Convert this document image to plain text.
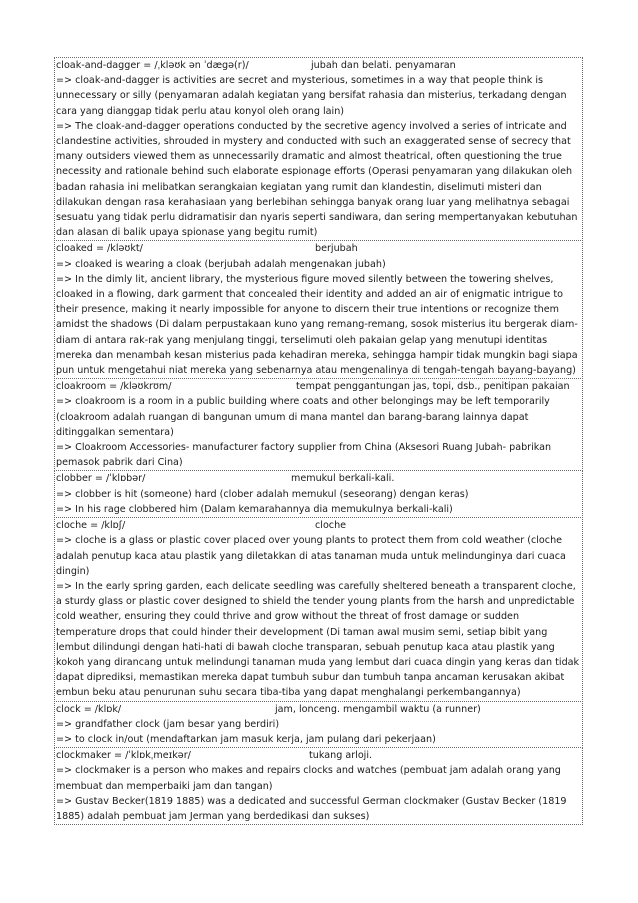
cloak-and-dagger = /ˌkləʊk ən ˈdægə(r)/	jubah dan belati. penyamaran
=> cloak-and-dagger is activities are secret and mysterious, sometimes in a way that people think is unnecessary or silly (penyamaran adalah kegiatan yang bersifat rahasia dan misterius, terkadang dengan cara yang dianggap tidak perlu atau konyol oleh orang lain)
=> The cloak-and-dagger operations conducted by the secretive agency involved a series of intricate and clandestine activities, shrouded in mystery and conducted with such an exaggerated sense of secrecy that many outsiders viewed them as unnecessarily dramatic and almost theatrical, often questioning the true necessity and rationale behind such elaborate espionage efforts (Operasi penyamaran yang dilakukan oleh badan rahasia ini melibatkan serangkaian kegiatan yang rumit dan klandestin, diselimuti misteri dan dilakukan dengan rasa kerahasiaan yang berlebihan sehingga banyak orang luar yang melihatnya sebagai sesuatu yang tidak perlu didramatisir dan nyaris seperti sandiwara, dan sering mempertanyakan kebutuhan dan alasan di balik upaya spionase yang begitu rumit)
cloaked = /kləʊkt/	berjubah
=> cloaked is wearing a cloak (berjubah adalah mengenakan jubah)
=> In the dimly lit, ancient library, the mysterious figure moved silently between the towering shelves, cloaked in a flowing, dark garment that concealed their identity and added an air of enigmatic intrigue to their presence, making it nearly impossible for anyone to discern their true intentions or recognize them amidst the shadows (Di dalam perpustakaan kuno yang remang-remang, sosok misterius itu bergerak diam-diam di antara rak-rak yang menjulang tinggi, terselimuti oleh pakaian gelap yang menutupi identitas mereka dan menambah kesan misterius pada kehadiran mereka, sehingga hampir tidak mungkin bagi siapa pun untuk mengetahui niat mereka yang sebenarnya atau mengenalinya di tengah-tengah bayang-bayang)
cloakroom = /kləʊkrʊm/	tempat penggantungan jas, topi, dsb., penitipan pakaian
=> cloakroom is a room in a public building where coats and other belongings may be left temporarily (cloakroom adalah ruangan di bangunan umum di mana mantel dan barang-barang lainnya dapat ditinggalkan sementara)
=> Cloakroom Accessories- manufacturer factory supplier from China (Aksesori Ruang Jubah- pabrikan pemasok pabrik dari Cina)
clobber = /ˈklɒbər/	memukul berkali-kali.
=> clobber is hit (someone) hard (clober adalah memukul (seseorang) dengan keras)
=> In his rage clobbered him (Dalam kemarahannya dia memukulnya berkali-kali)
cloche = /klɒʃ/	cloche
=> cloche is a glass or plastic cover placed over young plants to protect them from cold weather (cloche adalah penutup kaca atau plastik yang diletakkan di atas tanaman muda untuk melindunginya dari cuaca dingin)
=> In the early spring garden, each delicate seedling was carefully sheltered beneath a transparent cloche, a sturdy glass or plastic cover designed to shield the tender young plants from the harsh and unpredictable cold weather, ensuring they could thrive and grow without the threat of frost damage or sudden temperature drops that could hinder their development (Di taman awal musim semi, setiap bibit yang lembut dilindungi dengan hati-hati di bawah cloche transparan, sebuah penutup kaca atau plastik yang kokoh yang dirancang untuk melindungi tanaman muda yang lembut dari cuaca dingin yang keras dan tidak dapat diprediksi, memastikan mereka dapat tumbuh subur dan tumbuh tanpa ancaman kerusakan akibat embun beku atau penurunan suhu secara tiba-tiba yang dapat menghalangi perkembangannya)
clock = /klɒk/	jam, lonceng. mengambil waktu (a runner)
=> grandfather clock (jam besar yang berdiri)
=> to clock in/out (mendaftarkan jam masuk kerja, jam pulang dari pekerjaan)
clockmaker = /ˈklɒkˌmeɪkər/	tukang arloji.
=> clockmaker is a person who makes and repairs clocks and watches (pembuat jam adalah orang yang membuat dan memperbaiki jam dan tangan)
=> Gustav Becker(1819 1885) was a dedicated and successful German clockmaker (Gustav Becker (1819 1885) adalah pembuat jam Jerman yang berdedikasi dan sukses)
